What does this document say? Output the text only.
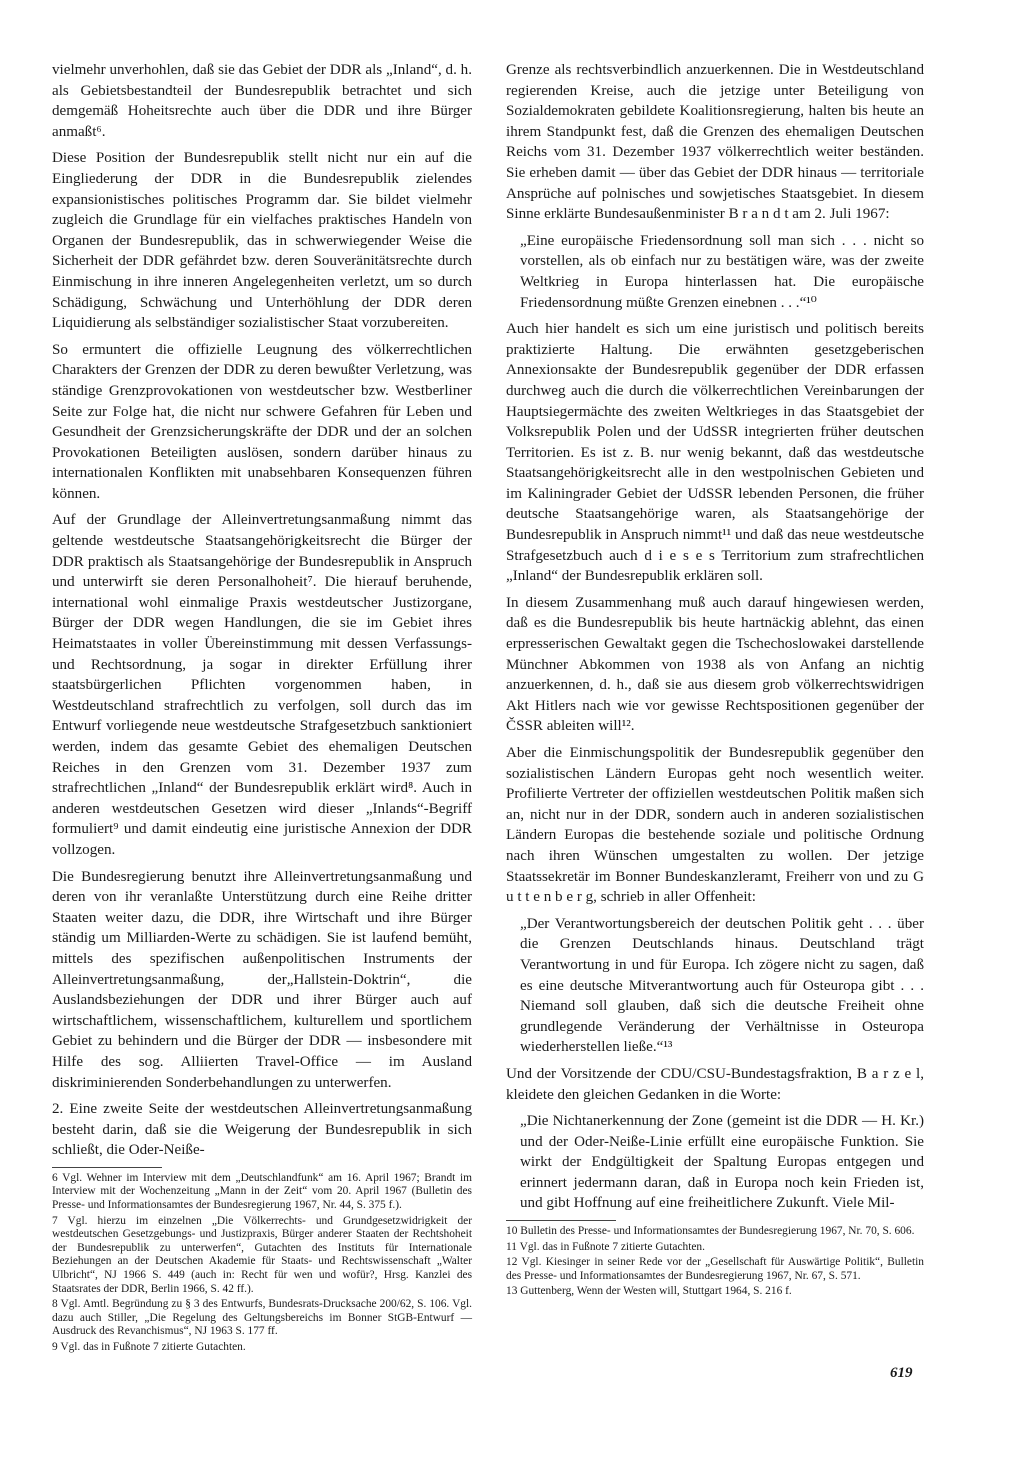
vielmehr unverhohlen, daß sie das Gebiet der DDR als „Inland“, d. h. als Gebietsbestandteil der Bundesrepublik betrachtet und sich demgemäß Hoheitsrechte auch über die DDR und ihre Bürger anmaßt⁶.

Diese Position der Bundesrepublik stellt nicht nur ein auf die Eingliederung der DDR in die Bundesrepublik zielendes expansionistisches politisches Programm dar. Sie bildet vielmehr zugleich die Grundlage für ein vielfaches praktisches Handeln von Organen der Bundesrepublik, das in schwerwiegender Weise die Sicherheit der DDR gefährdet bzw. deren Souveränitätsrechte durch Einmischung in ihre inneren Angelegenheiten verletzt, um so durch Schädigung, Schwächung und Unterhöhlung der DDR deren Liquidierung als selbständiger sozialistischer Staat vorzubereiten.

So ermuntert die offizielle Leugnung des völkerrechtlichen Charakters der Grenzen der DDR zu deren bewußter Verletzung, was ständige Grenzprovokationen von westdeutscher bzw. Westberliner Seite zur Folge hat, die nicht nur schwere Gefahren für Leben und Gesundheit der Grenzsicherungskräfte der DDR und der an solchen Provokationen Beteiligten auslösen, sondern darüber hinaus zu internationalen Konflikten mit unabsehbaren Konsequenzen führen können.

Auf der Grundlage der Alleinvertretungsanmaßung nimmt das geltende westdeutsche Staatsangehörigkeitsrecht die Bürger der DDR praktisch als Staatsangehörige der Bundesrepublik in Anspruch und unterwirft sie deren Personalhoheit⁷. Die hierauf beruhende, international wohl einmalige Praxis westdeutscher Justizorgane, Bürger der DDR wegen Handlungen, die sie im Gebiet ihres Heimatstaates in voller Übereinstimmung mit dessen Verfassungs- und Rechtsordnung, ja sogar in direkter Erfüllung ihrer staatsbürgerlichen Pflichten vorgenommen haben, in Westdeutschland strafrechtlich zu verfolgen, soll durch das im Entwurf vorliegende neue westdeutsche Strafgesetzbuch sanktioniert werden, indem das gesamte Gebiet des ehemaligen Deutschen Reiches in den Grenzen vom 31. Dezember 1937 zum strafrechtlichen „Inland“ der Bundesrepublik erklärt wird⁸. Auch in anderen westdeutschen Gesetzen wird dieser „Inlands“-Begriff formuliert⁹ und damit eindeutig eine juristische Annexion der DDR vollzogen.

Die Bundesregierung benutzt ihre Alleinvertretungsanmaßung und deren von ihr veranlaßte Unterstützung durch eine Reihe dritter Staaten weiter dazu, die DDR, ihre Wirtschaft und ihre Bürger ständig um Milliarden-Werte zu schädigen. Sie ist laufend bemüht, mittels des spezifischen außenpolitischen Instruments der Alleinvertretungsanmaßung, der„Hallstein-Doktrin“, die Auslandsbeziehungen der DDR und ihrer Bürger auch auf wirtschaftlichem, wissenschaftlichem, kulturellem und sportlichem Gebiet zu behindern und die Bürger der DDR — insbesondere mit Hilfe des sog. Alliierten Travel-Office — im Ausland diskriminierenden Sonderbehandlungen zu unterwerfen.

2. Eine zweite Seite der westdeutschen Alleinvertretungsanmaßung besteht darin, daß sie die Weigerung der Bundesrepublik in sich schließt, die Oder-Neiße-

6 Vgl. Wehner im Interview mit dem „Deutschlandfunk“ am 16. April 1967; Brandt im Interview mit der Wochenzeitung „Mann in der Zeit“ vom 20. April 1967 (Bulletin des Presse- und Informationsamtes der Bundesregierung 1967, Nr. 44, S. 375 f.).

7 Vgl. hierzu im einzelnen „Die Völkerrechts- und Grundgesetzwidrigkeit der westdeutschen Gesetzgebungs- und Justizpraxis, Bürger anderer Staaten der Rechtshoheit der Bundesrepublik zu unterwerfen“, Gutachten des Instituts für Internationale Beziehungen an der Deutschen Akademie für Staats- und Rechtswissenschaft „Walter Ulbricht“, NJ 1966 S. 449 (auch in: Recht für wen und wofür?, Hrsg. Kanzlei des Staatsrates der DDR, Berlin 1966, S. 42 ff.).

8 Vgl. Amtl. Begründung zu § 3 des Entwurfs, Bundesrats-Drucksache 200/62, S. 106. Vgl. dazu auch Stiller, „Die Regelung des Geltungsbereichs im Bonner StGB-Entwurf — Ausdruck des Revanchismus“, NJ 1963 S. 177 ff.

9 Vgl. das in Fußnote 7 zitierte Gutachten.

Grenze als rechtsverbindlich anzuerkennen. Die in Westdeutschland regierenden Kreise, auch die jetzige unter Beteiligung von Sozialdemokraten gebildete Koalitionsregierung, halten bis heute an ihrem Standpunkt fest, daß die Grenzen des ehemaligen Deutschen Reichs vom 31. Dezember 1937 völkerrechtlich weiter beständen. Sie erheben damit — über das Gebiet der DDR hinaus — territoriale Ansprüche auf polnisches und sowjetisches Staatsgebiet. In diesem Sinne erklärte Bundesaußenminister B r a n d t am 2. Juli 1967:

„Eine europäische Friedensordnung soll man sich . . . nicht so vorstellen, als ob einfach nur zu bestätigen wäre, was der zweite Weltkrieg in Europa hinterlassen hat. Die europäische Friedensordnung müßte Grenzen einebnen . . .“¹⁰

Auch hier handelt es sich um eine juristisch und politisch bereits praktizierte Haltung. Die erwähnten gesetzgeberischen Annexionsakte der Bundesrepublik gegenüber der DDR erfassen durchweg auch die durch die völkerrechtlichen Vereinbarungen der Hauptsiegermächte des zweiten Weltkrieges in das Staatsgebiet der Volksrepublik Polen und der UdSSR integrierten früher deutschen Territorien. Es ist z. B. nur wenig bekannt, daß das westdeutsche Staatsangehörigkeitsrecht alle in den westpolnischen Gebieten und im Kaliningrader Gebiet der UdSSR lebenden Personen, die früher deutsche Staatsangehörige waren, als Staatsangehörige der Bundesrepublik in Anspruch nimmt¹¹ und daß das neue westdeutsche Strafgesetzbuch auch d i e s e s Territorium zum strafrechtlichen „Inland“ der Bundesrepublik erklären soll.

In diesem Zusammenhang muß auch darauf hingewiesen werden, daß es die Bundesrepublik bis heute hartnäckig ablehnt, das einen erpresserischen Gewaltakt gegen die Tschechoslowakei darstellende Münchner Abkommen von 1938 als von Anfang an nichtig anzuerkennen, d. h., daß sie aus diesem grob völkerrechtswidrigen Akt Hitlers nach wie vor gewisse Rechtspositionen gegenüber der ČSSR ableiten will¹².

Aber die Einmischungspolitik der Bundesrepublik gegenüber den sozialistischen Ländern Europas geht noch wesentlich weiter. Profilierte Vertreter der offiziellen westdeutschen Politik maßen sich an, nicht nur in der DDR, sondern auch in anderen sozialistischen Ländern Europas die bestehende soziale und politische Ordnung nach ihren Wünschen umgestalten zu wollen. Der jetzige Staatssekretär im Bonner Bundeskanzleramt, Freiherr von und zu G u t t e n b e r g, schrieb in aller Offenheit:

„Der Verantwortungsbereich der deutschen Politik geht . . . über die Grenzen Deutschlands hinaus. Deutschland trägt Verantwortung in und für Europa. Ich zögere nicht zu sagen, daß es eine deutsche Mitverantwortung auch für Osteuropa gibt . . . Niemand soll glauben, daß sich die deutsche Freiheit ohne grundlegende Veränderung der Verhältnisse in Osteuropa wiederherstellen ließe.“¹³

Und der Vorsitzende der CDU/CSU-Bundestagsfraktion, B a r z e l, kleidete den gleichen Gedanken in die Worte:

„Die Nichtanerkennung der Zone (gemeint ist die DDR — H. Kr.) und der Oder-Neiße-Linie erfüllt eine europäische Funktion. Sie wirkt der Endgültigkeit der Spaltung Europas entgegen und erinnert jedermann daran, daß in Europa noch kein Frieden ist, und gibt Hoffnung auf eine freiheitlichere Zukunft. Viele Mil-

10 Bulletin des Presse- und Informationsamtes der Bundesregierung 1967, Nr. 70, S. 606.

11 Vgl. das in Fußnote 7 zitierte Gutachten.

12 Vgl. Kiesinger in seiner Rede vor der „Gesellschaft für Auswärtige Politik“, Bulletin des Presse- und Informationsamtes der Bundesregierung 1967, Nr. 67, S. 571.

13 Guttenberg, Wenn der Westen will, Stuttgart 1964, S. 216 f.

619
